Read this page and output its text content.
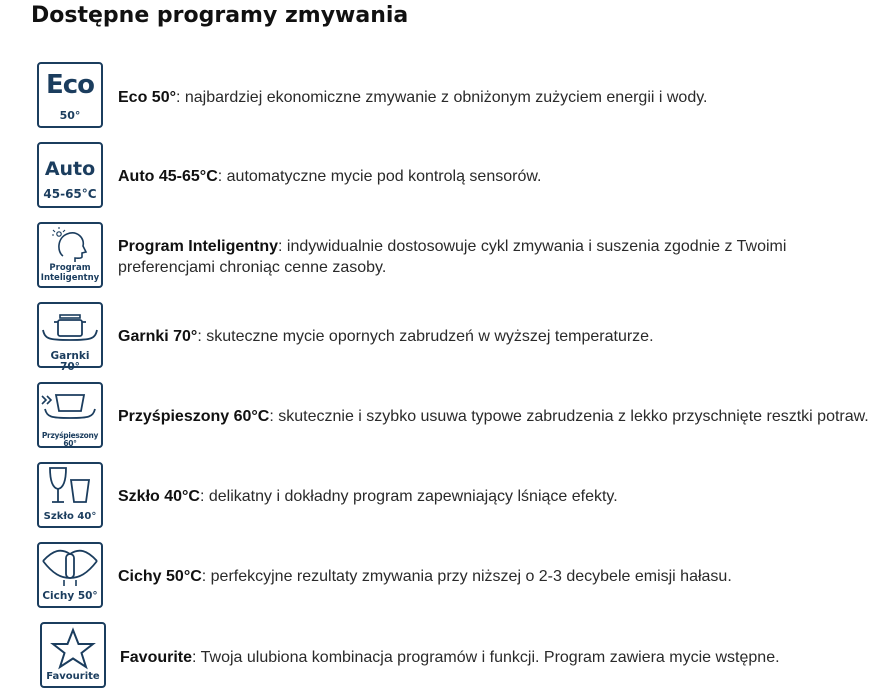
Dostępne programy zmywania
Eco
50°
Eco 50°: najbardziej ekonomiczne zmywanie z obniżonym zużyciem energii i wody.
Auto
45-65°C
Auto 45-65°C: automatyczne mycie pod kontrolą sensorów.
Program
Inteligentny
Program Inteligentny: indywidualnie dostosowuje cykl zmywania i suszenia zgodnie z Twoimi preferencjami chroniąc cenne zasoby.
Garnki 70°
Garnki 70°: skuteczne mycie opornych zabrudzeń w wyższej temperaturze.
Przyśpieszony 60°
Przyśpieszony 60°C: skutecznie i szybko usuwa typowe zabrudzenia z lekko przyschnięte resztki potraw.
Szkło 40°
Szkło 40°C: delikatny i dokładny program zapewniający lśniące efekty.
Cichy 50°
Cichy 50°C: perfekcyjne rezultaty zmywania przy niższej o 2-3 decybele emisji hałasu.
Favourite
Favourite: Twoja ulubiona kombinacja programów i funkcji. Program zawiera mycie wstępne.
